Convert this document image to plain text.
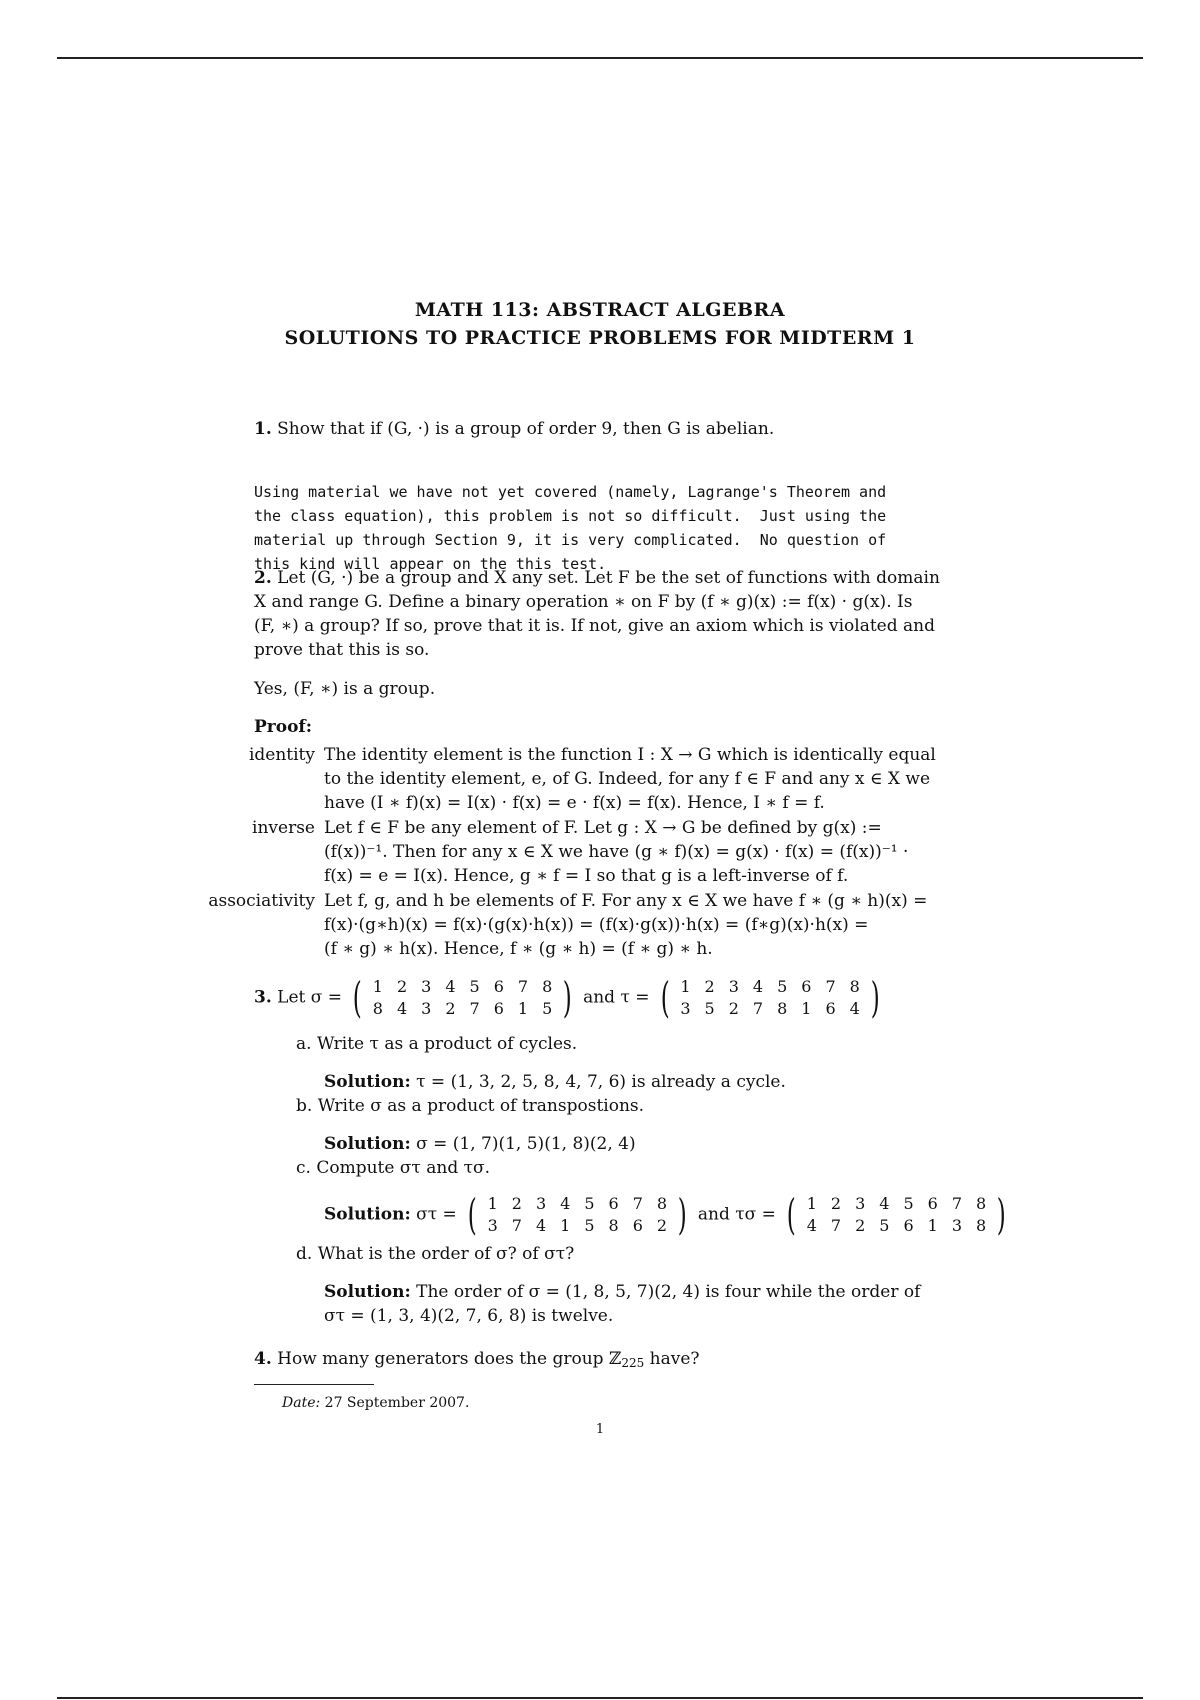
MATH 113: ABSTRACT ALGEBRA
SOLUTIONS TO PRACTICE PROBLEMS FOR MIDTERM 1
1. Show that if (G, ·) is a group of order 9, then G is abelian.

Using material we have not yet covered (namely, Lagrange's Theorem and
the class equation), this problem is not so difficult.  Just using the
material up through Section 9, it is very complicated.  No question of
this kind will appear on the this test.

2. Let (G, ·) be a group and X any set. Let F be the set of functions with domain
X and range G. Define a binary operation ∗ on F by (f ∗ g)(x) := f(x) · g(x). Is
(F, ∗) a group? If so, prove that it is. If not, give an axiom which is violated and
prove that this is so.
Yes, (F, ∗) is a group.
Proof:
identity The identity element is the function I : X → G which is identically equal
to the identity element, e, of G. Indeed, for any f ∈ F and any x ∈ X we
have (I ∗ f)(x) = I(x) · f(x) = e · f(x) = f(x). Hence, I ∗ f = f.
inverse Let f ∈ F be any element of F. Let g : X → G be defined by g(x) :=
(f(x))⁻¹. Then for any x ∈ X we have (g ∗ f)(x) = g(x) · f(x) = (f(x))⁻¹ ·
f(x) = e = I(x). Hence, g ∗ f = I so that g is a left-inverse of f.
associativity Let f, g, and h be elements of F. For any x ∈ X we have f ∗ (g ∗ h)(x) =
f(x)·(g∗h)(x) = f(x)·(g(x)·h(x)) = (f(x)·g(x))·h(x) = (f∗g)(x)·h(x) =
(f ∗ g) ∗ h(x). Hence, f ∗ (g ∗ h) = (f ∗ g) ∗ h.
3. Let σ = ( 1	2	3	4	5	6	7	8
8	4	3	2	7	6	1	5 ) and τ = ( 1	2	3	4	5	6	7	8
3	5	2	7	8	1	6	4 )
a. Write τ as a product of cycles.
Solution: τ = (1, 3, 2, 5, 8, 4, 7, 6) is already a cycle.
b. Write σ as a product of transpostions.
Solution: σ = (1, 7)(1, 5)(1, 8)(2, 4)
c. Compute στ and τσ.
Solution: στ = ( 1	2	3	4	5	6	7	8
3	7	4	1	5	8	6	2 ) and τσ = ( 1	2	3	4	5	6	7	8
4	7	2	5	6	1	3	8 )
d. What is the order of σ? of στ?
Solution: The order of σ = (1, 8, 5, 7)(2, 4) is four while the order of
στ = (1, 3, 4)(2, 7, 6, 8) is twelve.
4. How many generators does the group ℤ$_{225}$ have?
Date: 27 September 2007.
1
